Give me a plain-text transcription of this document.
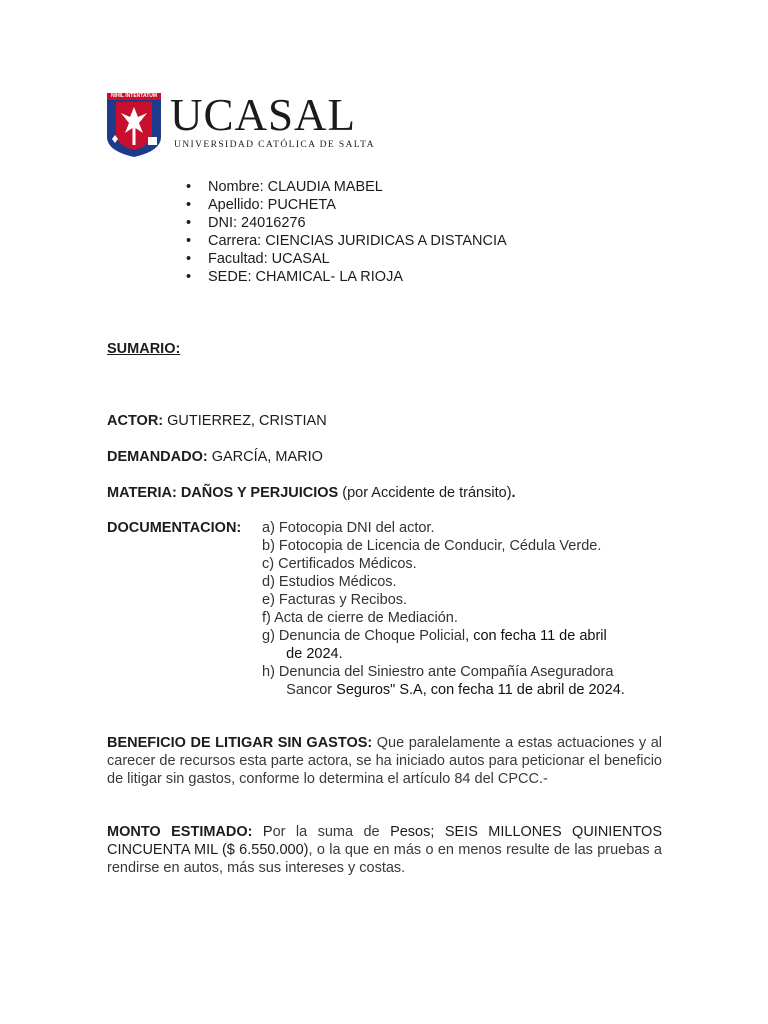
NIHIL INTENTATUM UCASAL
UNIVERSIDAD CATÓLICA DE SALTA
• Nombre: CLAUDIA MABEL
• Apellido: PUCHETA
• DNI: 24016276
• Carrera: CIENCIAS JURIDICAS A DISTANCIA
• Facultad: UCASAL
• SEDE: CHAMICAL- LA RIOJA
SUMARIO:
ACTOR: GUTIERREZ, CRISTIAN
DEMANDADO: GARCÍA, MARIO
MATERIA: DAÑOS Y PERJUICIOS (por Accidente de tránsito).
DOCUMENTACION: a) Fotocopia DNI del actor.
b) Fotocopia de Licencia de Conducir, Cédula Verde.
c) Certificados Médicos.
d) Estudios Médicos.
e) Facturas y Recibos.
f) Acta de cierre de Mediación.
g) Denuncia de Choque Policial, con fecha 11 de abril
de 2024.
h) Denuncia del Siniestro ante Compañía Aseguradora
Sancor Seguros" S.A, con fecha 11 de abril de 2024.
BENEFICIO DE LITIGAR SIN GASTOS: Que paralelamente a estas actuaciones y al carecer de recursos esta parte actora, se ha iniciado autos para peticionar el beneficio de litigar sin gastos, conforme lo determina el artículo 84 del CPCC.-
MONTO ESTIMADO: Por la suma de Pesos; SEIS MILLONES QUINIENTOS CINCUENTA MIL ($ 6.550.000), o la que en más o en menos resulte de las pruebas a rendirse en autos, más sus intereses y costas.
